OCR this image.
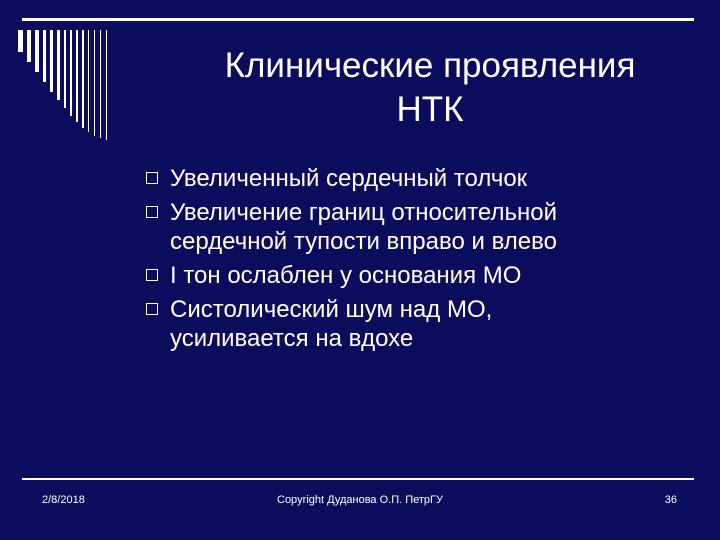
Клинические проявления
НТК
Увеличенный сердечный толчок
Увеличение границ относительной
сердечной тупости вправо и влево
I тон ослаблен у основания МО
Систолический шум над МО,
усиливается на вдохе
2/8/2018	Copyright Дуданова О.П. ПетрГУ	36
